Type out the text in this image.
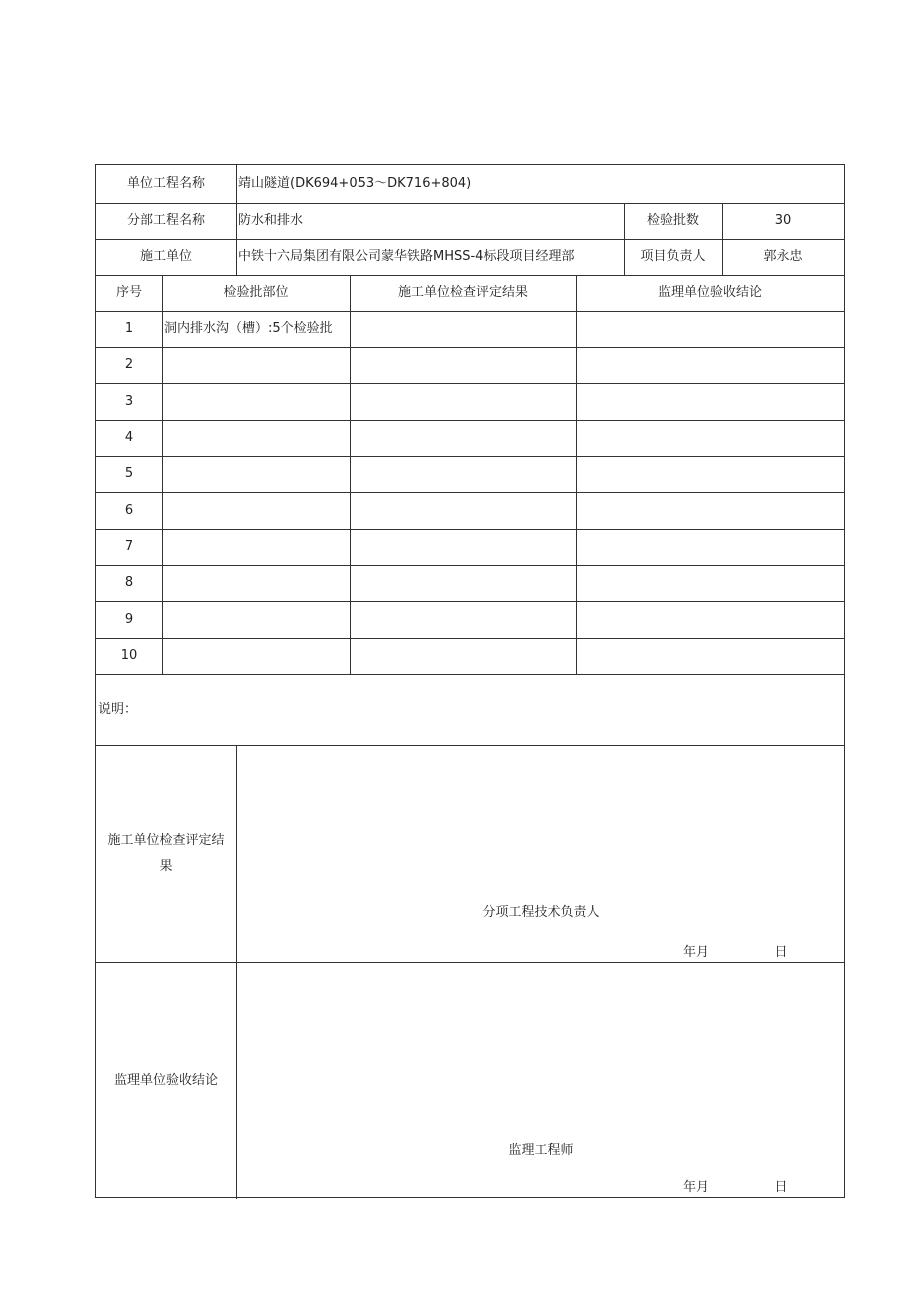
单位工程名称	靖山隧道(DK694+053～DK716+804)
分部工程名称	防水和排水	检验批数	30
施工单位	中铁十六局集团有限公司蒙华铁路MHSS-4标段项目经理部	项目负责人	郭永忠
序号	检验批部位	施工单位检查评定结果	监理单位验收结论
1	洞内排水沟（槽）:5个检验批
2
3
4
5
6
7
8
9
10
说明：
施工单位检查评定结果
分项工程技术负责人
年月	日
监理单位验收结论
监理工程师
年月	日
